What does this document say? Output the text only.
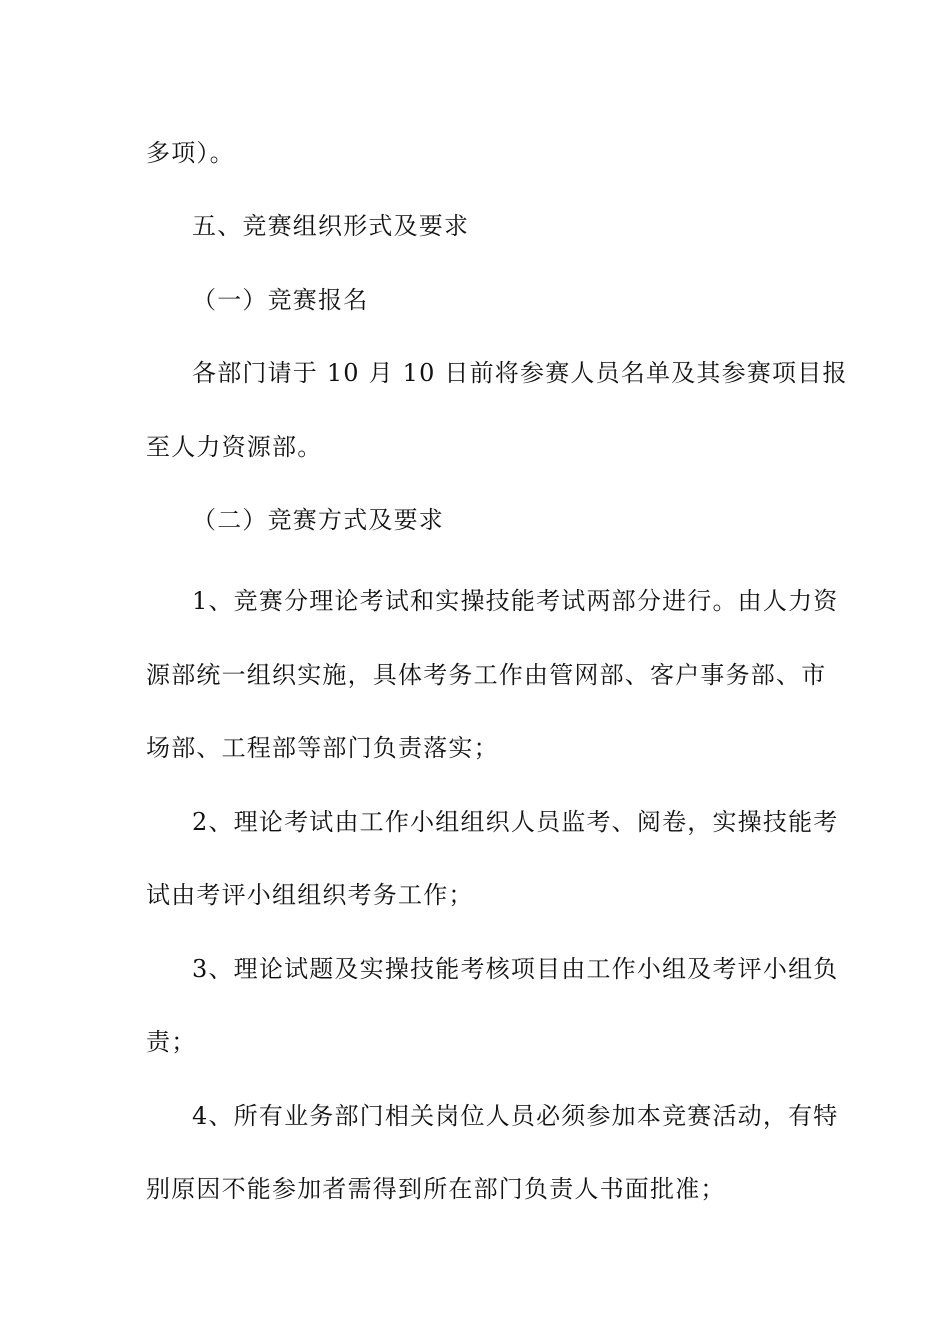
多项）。
五、竞赛组织形式及要求
（一）竞赛报名
各部门请于 10 月 10 日前将参赛人员名单及其参赛项目报
至人力资源部。
（二）竞赛方式及要求
1、竞赛分理论考试和实操技能考试两部分进行。由人力资
源部统一组织实施，具体考务工作由管网部、客户事务部、市
场部、工程部等部门负责落实；
2、理论考试由工作小组组织人员监考、阅卷，实操技能考
试由考评小组组织考务工作；
3、理论试题及实操技能考核项目由工作小组及考评小组负
责；
4、所有业务部门相关岗位人员必须参加本竞赛活动，有特
别原因不能参加者需得到所在部门负责人书面批准；
